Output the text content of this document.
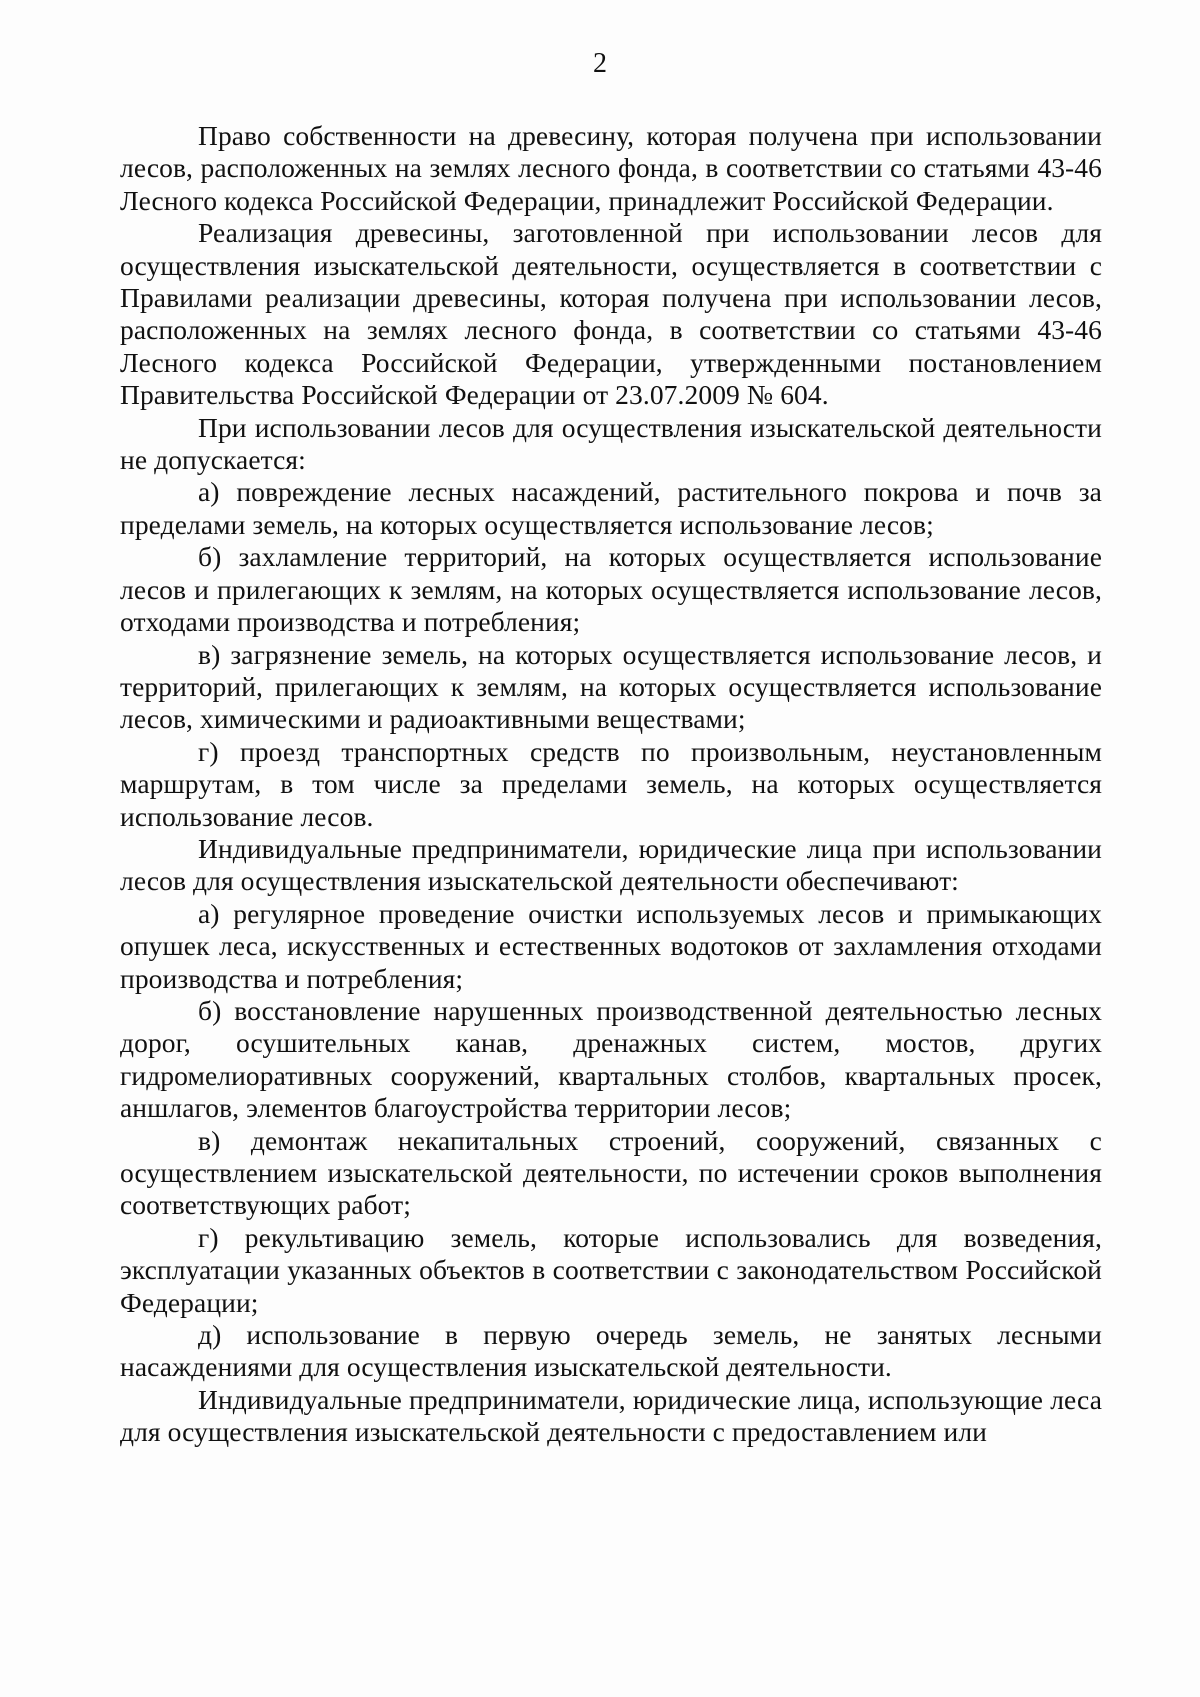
2

Право собственности на древесину, которая получена при использовании лесов, расположенных на землях лесного фонда, в соответствии со статьями 43-46 Лесного кодекса Российской Федерации, принадлежит Российской Федерации.

Реализация древесины, заготовленной при использовании лесов для осуществления изыскательской деятельности, осуществляется в соответствии с Правилами реализации древесины, которая получена при использовании лесов, расположенных на землях лесного фонда, в соответствии со статьями 43-46 Лесного кодекса Российской Федерации, утвержденными постановлением Правительства Российской Федерации от 23.07.2009 № 604.

При использовании лесов для осуществления изыскательской деятельности не допускается:

а) повреждение лесных насаждений, растительного покрова и почв за пределами земель, на которых осуществляется использование лесов;

б) захламление территорий, на которых осуществляется использование лесов и прилегающих к землям, на которых осуществляется использование лесов, отходами производства и потребления;

в) загрязнение земель, на которых осуществляется использование лесов, и территорий, прилегающих к землям, на которых осуществляется использование лесов, химическими и радиоактивными веществами;

г) проезд транспортных средств по произвольным, неустановленным маршрутам, в том числе за пределами земель, на которых осуществляется использование лесов.

Индивидуальные предприниматели, юридические лица при использовании лесов для осуществления изыскательской деятельности обеспечивают:

а) регулярное проведение очистки используемых лесов и примыкающих опушек леса, искусственных и естественных водотоков от захламления отходами производства и потребления;

б) восстановление нарушенных производственной деятельностью лесных дорог, осушительных канав, дренажных систем, мостов, других гидромелиоративных сооружений, квартальных столбов, квартальных просек, аншлагов, элементов благоустройства территории лесов;

в) демонтаж некапитальных строений, сооружений, связанных с осуществлением изыскательской деятельности, по истечении сроков выполнения соответствующих работ;

г) рекультивацию земель, которые использовались для возведения, эксплуатации указанных объектов в соответствии с законодательством Российской Федерации;

д) использование в первую очередь земель, не занятых лесными насаждениями для осуществления изыскательской деятельности.

Индивидуальные предприниматели, юридические лица, использующие леса для осуществления изыскательской деятельности с предоставлением или
